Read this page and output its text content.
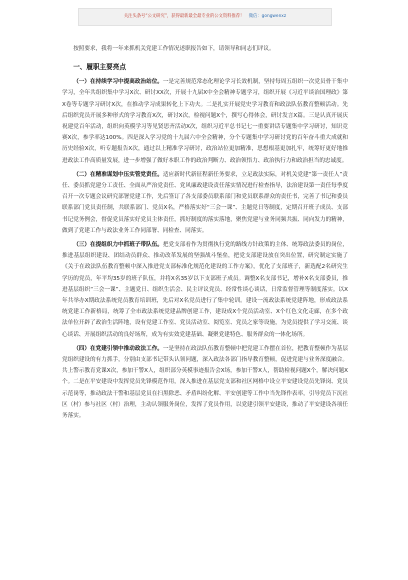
关注头条号“公文研究”，获得最新最全最专业的公文资料推荐！ 微信：gongwenxz

按照要求，我将一年来抓机关党建工作情况述职报告如下，请领导和同志们评议。

一、履职主要亮点

（一）在持续学习中提高政治站位。一是完善规范常态化理论学习长效机制，坚持每周五组织一次党员骨干集中学习，全年共组织集中学习X次、研讨XX次，开展十九届X中全会精神专题学习，组织开展《习近平谈治国理政》第X卷等专题学习研讨X次，在推动学习成果转化上下功夫。二是扎实开展党史学习教育和政法队伍教育整顿活动。先后组织党员开展多种形式的学习教育X次，研讨X次，检视问题X个，撰写心得体会，研讨发言X篇。三是认真开展庆祝建党百年活动，组织向英模学习等见贤思齐活动X次，组织习近平总书记七一重要讲话专题集中学习研讨，知识竞赛X次，参学率达100%。四是深入学习党的十九届六中全会精神，分个专题集中学习研讨党的百年奋斗重大成就和历史经验X次，听专题报告X次，通过以上精准学习研讨，政治站位更加精准，思想根基更加扎牢，统筹好更好地推进政法工作高质量发展，进一步增强了做好本职工作的政治判断力、政治领悟力、政治执行力和政治担当的忠诚度。

（二）在精准谋划中压实管党责任。适应新时代新征程新任务要求，立足政法实际，对机关党建“第一责任人”责任、委员抓党建分工责任、全面从严治党责任、党风廉政建设责任落实情况进行检查指导，法治建设第一责任每季度召开一次专题会议研究部署党建工作，先后签订了各支部委员联系部门和党员联系群众的责任书，完善了书记和委员联系部门党员责任制，共联系部门、党员X名，严格落实好“三会一课”、主题党日等制度，定期召开班子成员、支部书记党务例会，督促党员落实好党员主体责任，抓好制度的落实落地，聚焦党建与业务同频共振、同向发力的精神，做到了党建工作与政法业务工作同部署、同检查、同落实。

（三）在提组织力中抓班子带队伍。把党支部看作为贯彻执行党的路线方针政策的主体、统筹政法委员的岗位，推进基层组织建设、团结动员群众、推动改革发展的坚强战斗堡垒，把党支部建设放在突出位置，研究制定实施了《关于在政法队伍教育整顿中深入推进党支部标准化规范化建设的工作方案》，优化了支部班子，新选配2名研究生学历的党员，年平均35岁的班子队伍，并将X名35岁以下支部班子成员。调整X名支部书记，增补X名支部委员，推进基层组织“三会一课”、主题党日、组织生活会、民主评议党员、经常性谈心谈话，日常监督管理等制度落实。以X年共举办X期政法系统党员教育培训班，先后对X名党员进行了集中轮训。建设一流政法系统党建阵地，形成政法系统党建工作新格局，统筹了全市政法系统党建品牌创建工作，建设成X个党员活动室、X个红色文化走廊，在多个政法单位开辟了政治生活阵地，设有党建工作室、党员活动室、阅览室、党员之家等设施，为党员提供了学习交流、谈心谈话、开展组织活动的良好场所，成为有实效党建基础、凝聚党建特色、服务群众的一体化场所。

（四）在党建引领中推动政法工作。一是坚持在政法队伍教育整顿中把党建工作摆在首位，把教育整顿作为基层党组织建设的有力抓手，分别由支部书记带头认领问题，深入政法各部门指导教育整顿，促进党建与业务深度融合。共上警示教育党课X次，参加干警X人，组织部分英模事迹报告会X场，参加干警X人，帮助检视问题X个，解决问题X个。二是在平安建设中发挥党员先锋模范作用，深入推进在基层党支部和社区网格中设立平安建设党员先锋岗、党员示范岗等，推动政法干警和基层党员在扫黑除恶、矛盾纠纷化解、平安创建等工作中当先锋作表率，引导党员下沉社区（村）参与社区（村）治理，主动认领服务岗位，发挥了党员作用，以党建引领平安建设，推动了平安建设各项任务落实。
